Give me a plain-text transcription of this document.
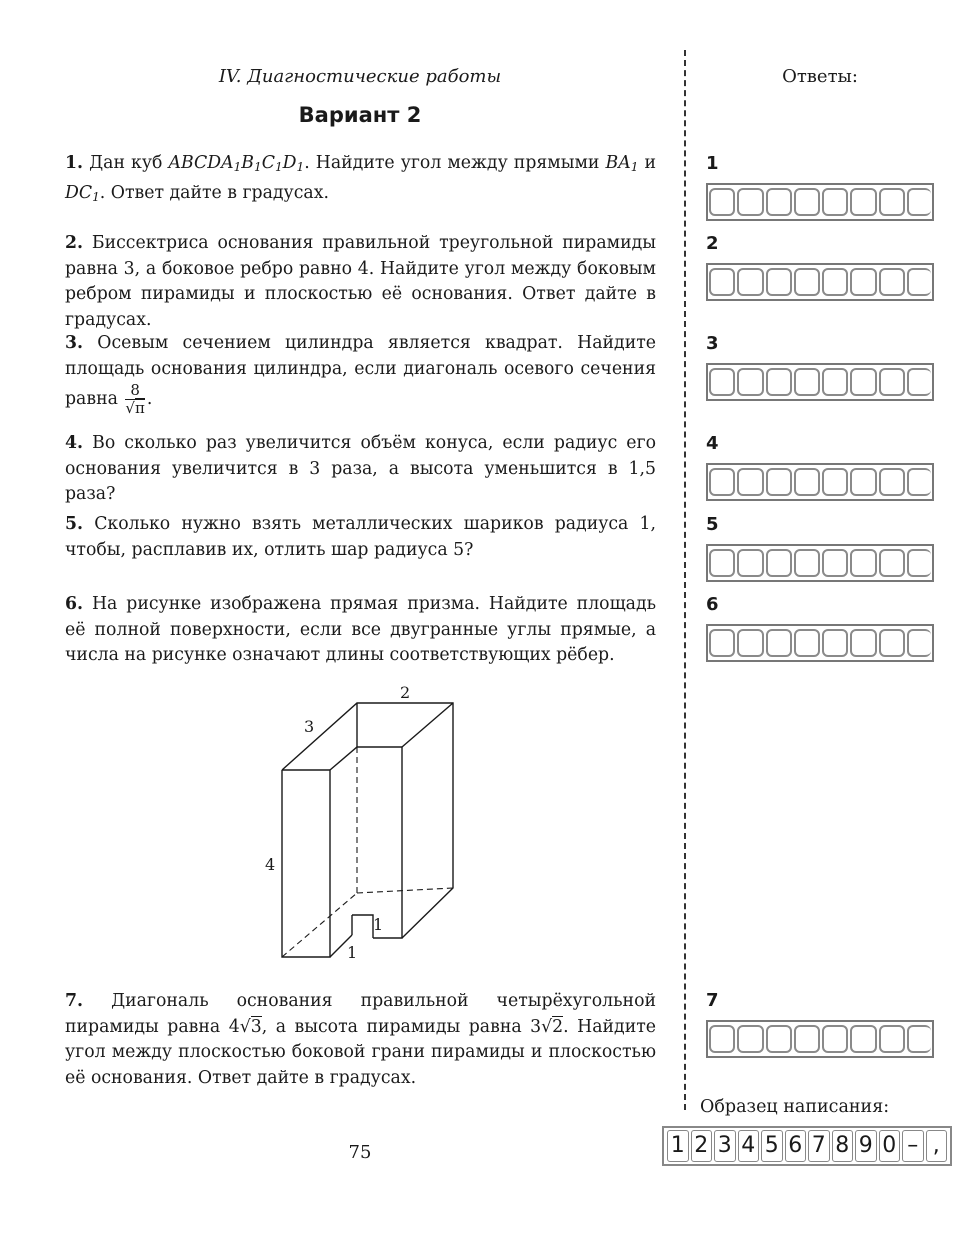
IV. Диагностические работы
Вариант 2
Ответы:
1. Дан куб $ABCDA_1B_1C_1D_1$. Найдите угол между прямыми $BA_1$ и $DC_1$. Ответ дайте в градусах.
2. Биссектриса основания правильной треугольной пирамиды равна 3, а боковое ребро равно 4. Найдите угол между боковым ребром пирамиды и плоскостью её основания. Ответ дайте в градусах.
3. Осевым сечением цилиндра является квадрат. Найдите площадь основания цилиндра, если диагональ осевого сечения равна $\frac{8}{√\pi}$ .
4. Во сколько раз увеличится объём конуса, если радиус его основания увеличится в 3 раза, а высота уменьшится в 1,5 раза?
5. Сколько нужно взять металлических шариков радиуса 1, чтобы, расплавив их, отлить шар радиуса 5?
6. На рисунке изображена прямая призма. Найдите площадь её полной поверхности, если все двугранные углы прямые, а числа на рисунке означают длины соответствующих рёбер.
2
3
4
1
1
7. Диагональ основания правильной четырёхугольной пирамиды равна 4√3, а высота пирамиды равна 3√2. Найдите угол между плоскостью боковой грани пирамиды и плоскостью её основания. Ответ дайте в градусах.
1
2
3
4
5
6
7
Образец написания:
1 2 3 4 5 6 7 8 9 0 – ,
75
